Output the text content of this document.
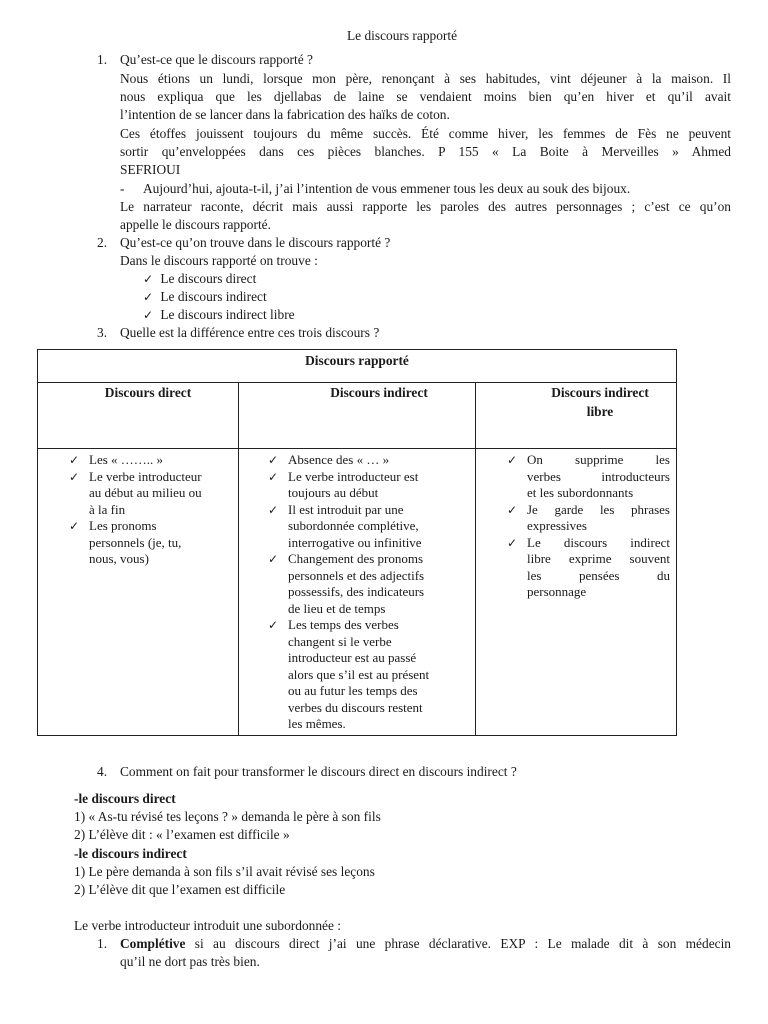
Le discours rapporté
1. Qu’est-ce que le discours rapporté ?
Nous étions un lundi, lorsque mon père, renonçant à ses habitudes, vint déjeuner à la maison. Il
nous expliqua que les djellabas de laine se vendaient moins bien qu’en hiver et qu’il avait
l’intention de se lancer dans la fabrication des haïks de coton.
Ces étoffes jouissent toujours du même succès. Été comme hiver, les femmes de Fès ne peuvent
sortir qu’enveloppées dans ces pièces blanches. P 155 « La Boite à Merveilles » Ahmed
SEFRIOUI
- Aujourd’hui, ajouta-t-il, j’ai l’intention de vous emmener tous les deux au souk des bijoux.
Le narrateur raconte, décrit mais aussi rapporte les paroles des autres personnages ; c’est ce qu’on
appelle le discours rapporté.
2. Qu’est-ce qu’on trouve dans le discours rapporté ?
Dans le discours rapporté on trouve :
✓ Le discours direct
✓ Le discours indirect
✓ Le discours indirect libre
3. Quelle est la différence entre ces trois discours ?
Discours rapporté
Discours direct	Discours indirect	Discours indirect
libre
✓ Les « …….. »
✓ Le verbe introducteur
au début au milieu ou
à la fin
✓ Les pronoms
personnels (je, tu,
nous, vous)
✓ Absence des « … »
✓ Le verbe introducteur est
toujours au début
✓ Il est introduit par une
subordonnée complétive,
interrogative ou infinitive
✓ Changement des pronoms
personnels et des adjectifs
possessifs, des indicateurs
de lieu et de temps
✓ Les temps des verbes
changent si le verbe
introducteur est au passé
alors que s’il est au présent
ou au futur les temps des
verbes du discours restent
les mêmes.
✓ On supprime les
verbes introducteurs
et les subordonnants
✓ Je garde les phrases
expressives
✓ Le discours indirect
libre exprime souvent
les pensées du
personnage
4. Comment on fait pour transformer le discours direct en discours indirect ?
-le discours direct
1) « As-tu révisé tes leçons ? » demanda le père à son fils
2) L’élève dit : « l’examen est difficile »
-le discours indirect
1) Le père demanda à son fils s’il avait révisé ses leçons
2) L’élève dit que l’examen est difficile
Le verbe introducteur introduit une subordonnée :
1. Complétive si au discours direct j’ai une phrase déclarative. EXP : Le malade dit à son médecin
qu’il ne dort pas très bien.
